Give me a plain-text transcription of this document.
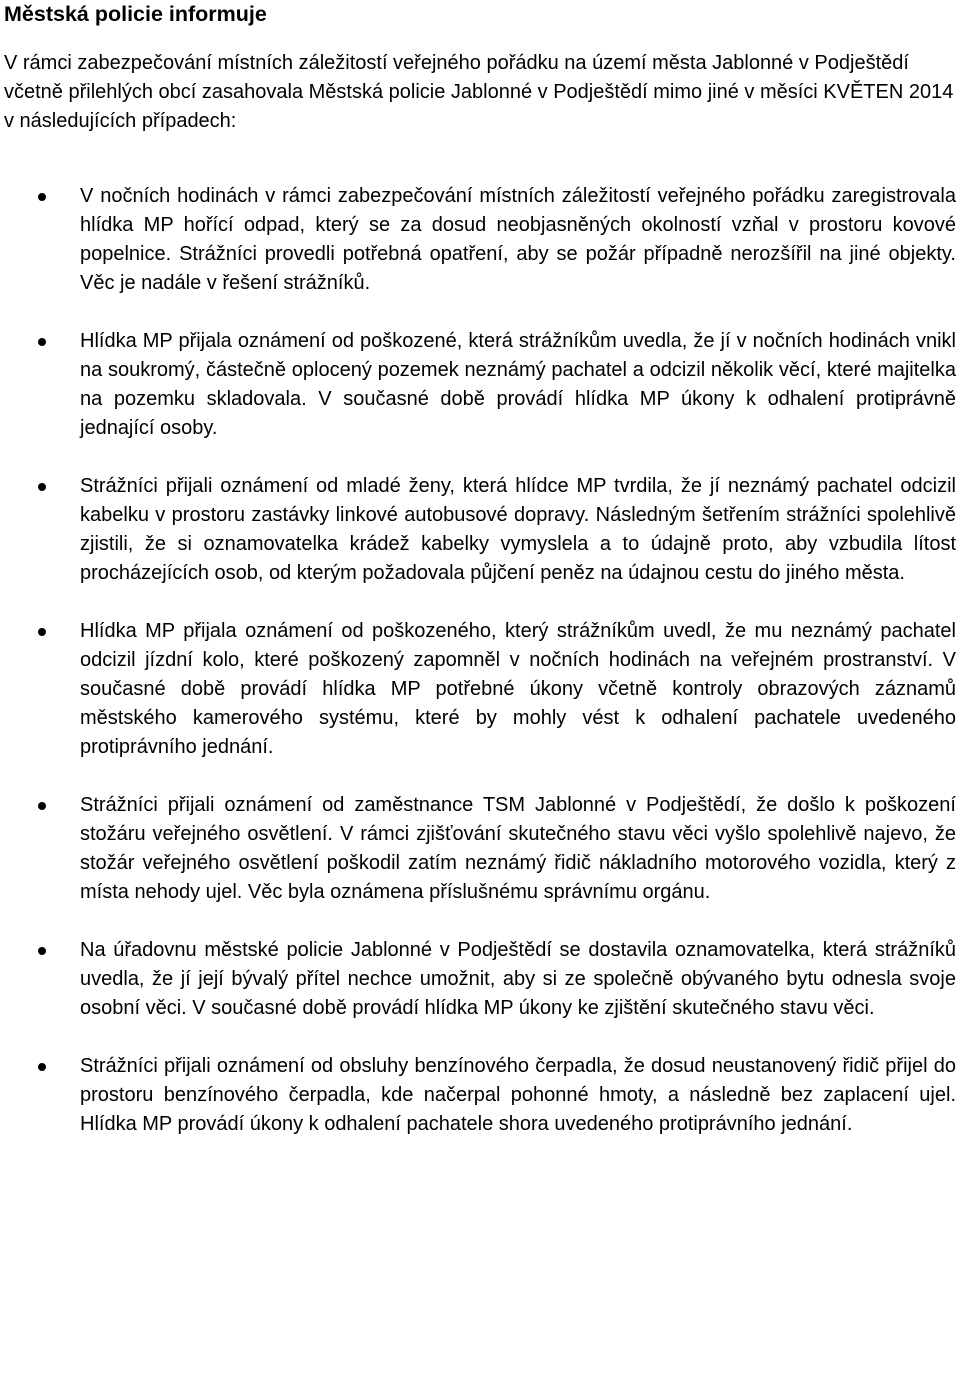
Městská policie informuje

V rámci zabezpečování místních záležitostí veřejného pořádku na území města Jablonné v Podještědí včetně přilehlých obcí zasahovala Městská policie Jablonné v Podještědí mimo jiné v měsíci KVĚTEN 2014 v následujících případech:

V nočních hodinách v rámci zabezpečování místních záležitostí veřejného pořádku zaregistrovala hlídka MP hořící odpad, který se za dosud neobjasněných okolností vzňal v prostoru kovové popelnice. Strážníci provedli potřebná opatření, aby se požár případně nerozšířil na jiné objekty. Věc je nadále v řešení strážníků.
Hlídka MP přijala oznámení od poškozené, která strážníkům uvedla, že jí v nočních hodinách vnikl na soukromý, částečně oplocený pozemek neznámý pachatel a odcizil několik věcí, které majitelka na pozemku skladovala. V současné době provádí hlídka MP úkony k odhalení protiprávně jednající osoby.
Strážníci přijali oznámení od mladé ženy, která hlídce MP tvrdila, že jí neznámý pachatel odcizil kabelku v prostoru zastávky linkové autobusové dopravy. Následným šetřením strážníci spolehlivě zjistili, že si oznamovatelka krádež kabelky vymyslela a to údajně proto, aby vzbudila lítost procházejících osob, od kterým požadovala půjčení peněz na údajnou cestu do jiného města.
Hlídka MP přijala oznámení od poškozeného, který strážníkům uvedl, že mu neznámý pachatel odcizil jízdní kolo, které poškozený zapomněl v nočních hodinách na veřejném prostranství. V současné době provádí hlídka MP potřebné úkony včetně kontroly obrazových záznamů městského kamerového systému, které by mohly vést k odhalení pachatele uvedeného protiprávního jednání.
Strážníci přijali oznámení od zaměstnance TSM Jablonné v Podještědí, že došlo k poškození stožáru veřejného osvětlení. V rámci zjišťování skutečného stavu věci vyšlo spolehlivě najevo, že stožár veřejného osvětlení poškodil zatím neznámý řidič nákladního motorového vozidla, který z místa nehody ujel. Věc byla oznámena příslušnému správnímu orgánu.
Na úřadovnu městské policie Jablonné v Podještědí se dostavila oznamovatelka, která strážníků uvedla, že jí její bývalý přítel nechce umožnit, aby si ze společně obývaného bytu odnesla svoje osobní věci. V současné době provádí hlídka MP úkony ke zjištění skutečného stavu věci.
Strážníci přijali oznámení od obsluhy benzínového čerpadla, že dosud neustanovený řidič přijel do prostoru benzínového čerpadla, kde načerpal pohonné hmoty, a následně bez zaplacení ujel. Hlídka MP provádí úkony k odhalení pachatele shora uvedeného protiprávního jednání.
